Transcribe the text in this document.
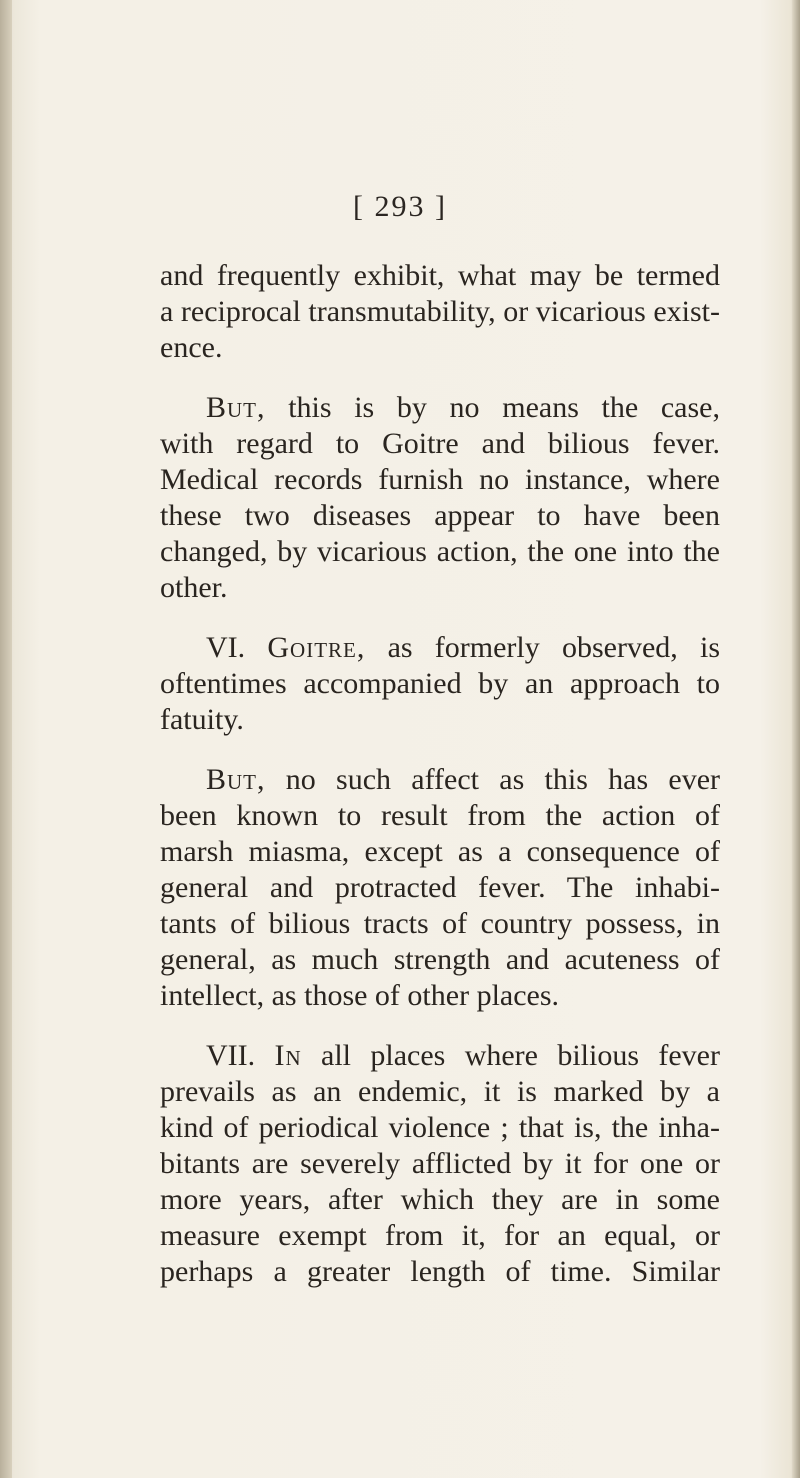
[ 293 ]
and frequently exhibit, what may be termed
a reciprocal transmutability, or vicarious exist-
ence.
But, this is by no means the case,
with regard to Goitre and bilious fever.
Medical records furnish no instance, where
these two diseases appear to have been
changed, by vicarious action, the one into the
other.
VI. Goitre, as formerly observed, is
oftentimes accompanied by an approach to
fatuity.
But, no such affect as this has ever
been known to result from the action of
marsh miasma, except as a consequence of
general and protracted fever. The inhabi-
tants of bilious tracts of country possess, in
general, as much strength and acuteness of
intellect, as those of other places.
VII. In all places where bilious fever
prevails as an endemic, it is marked by a
kind of periodical violence ; that is, the inha-
bitants are severely afflicted by it for one or
more years, after which they are in some
measure exempt from it, for an equal, or
perhaps a greater length of time. Similar
